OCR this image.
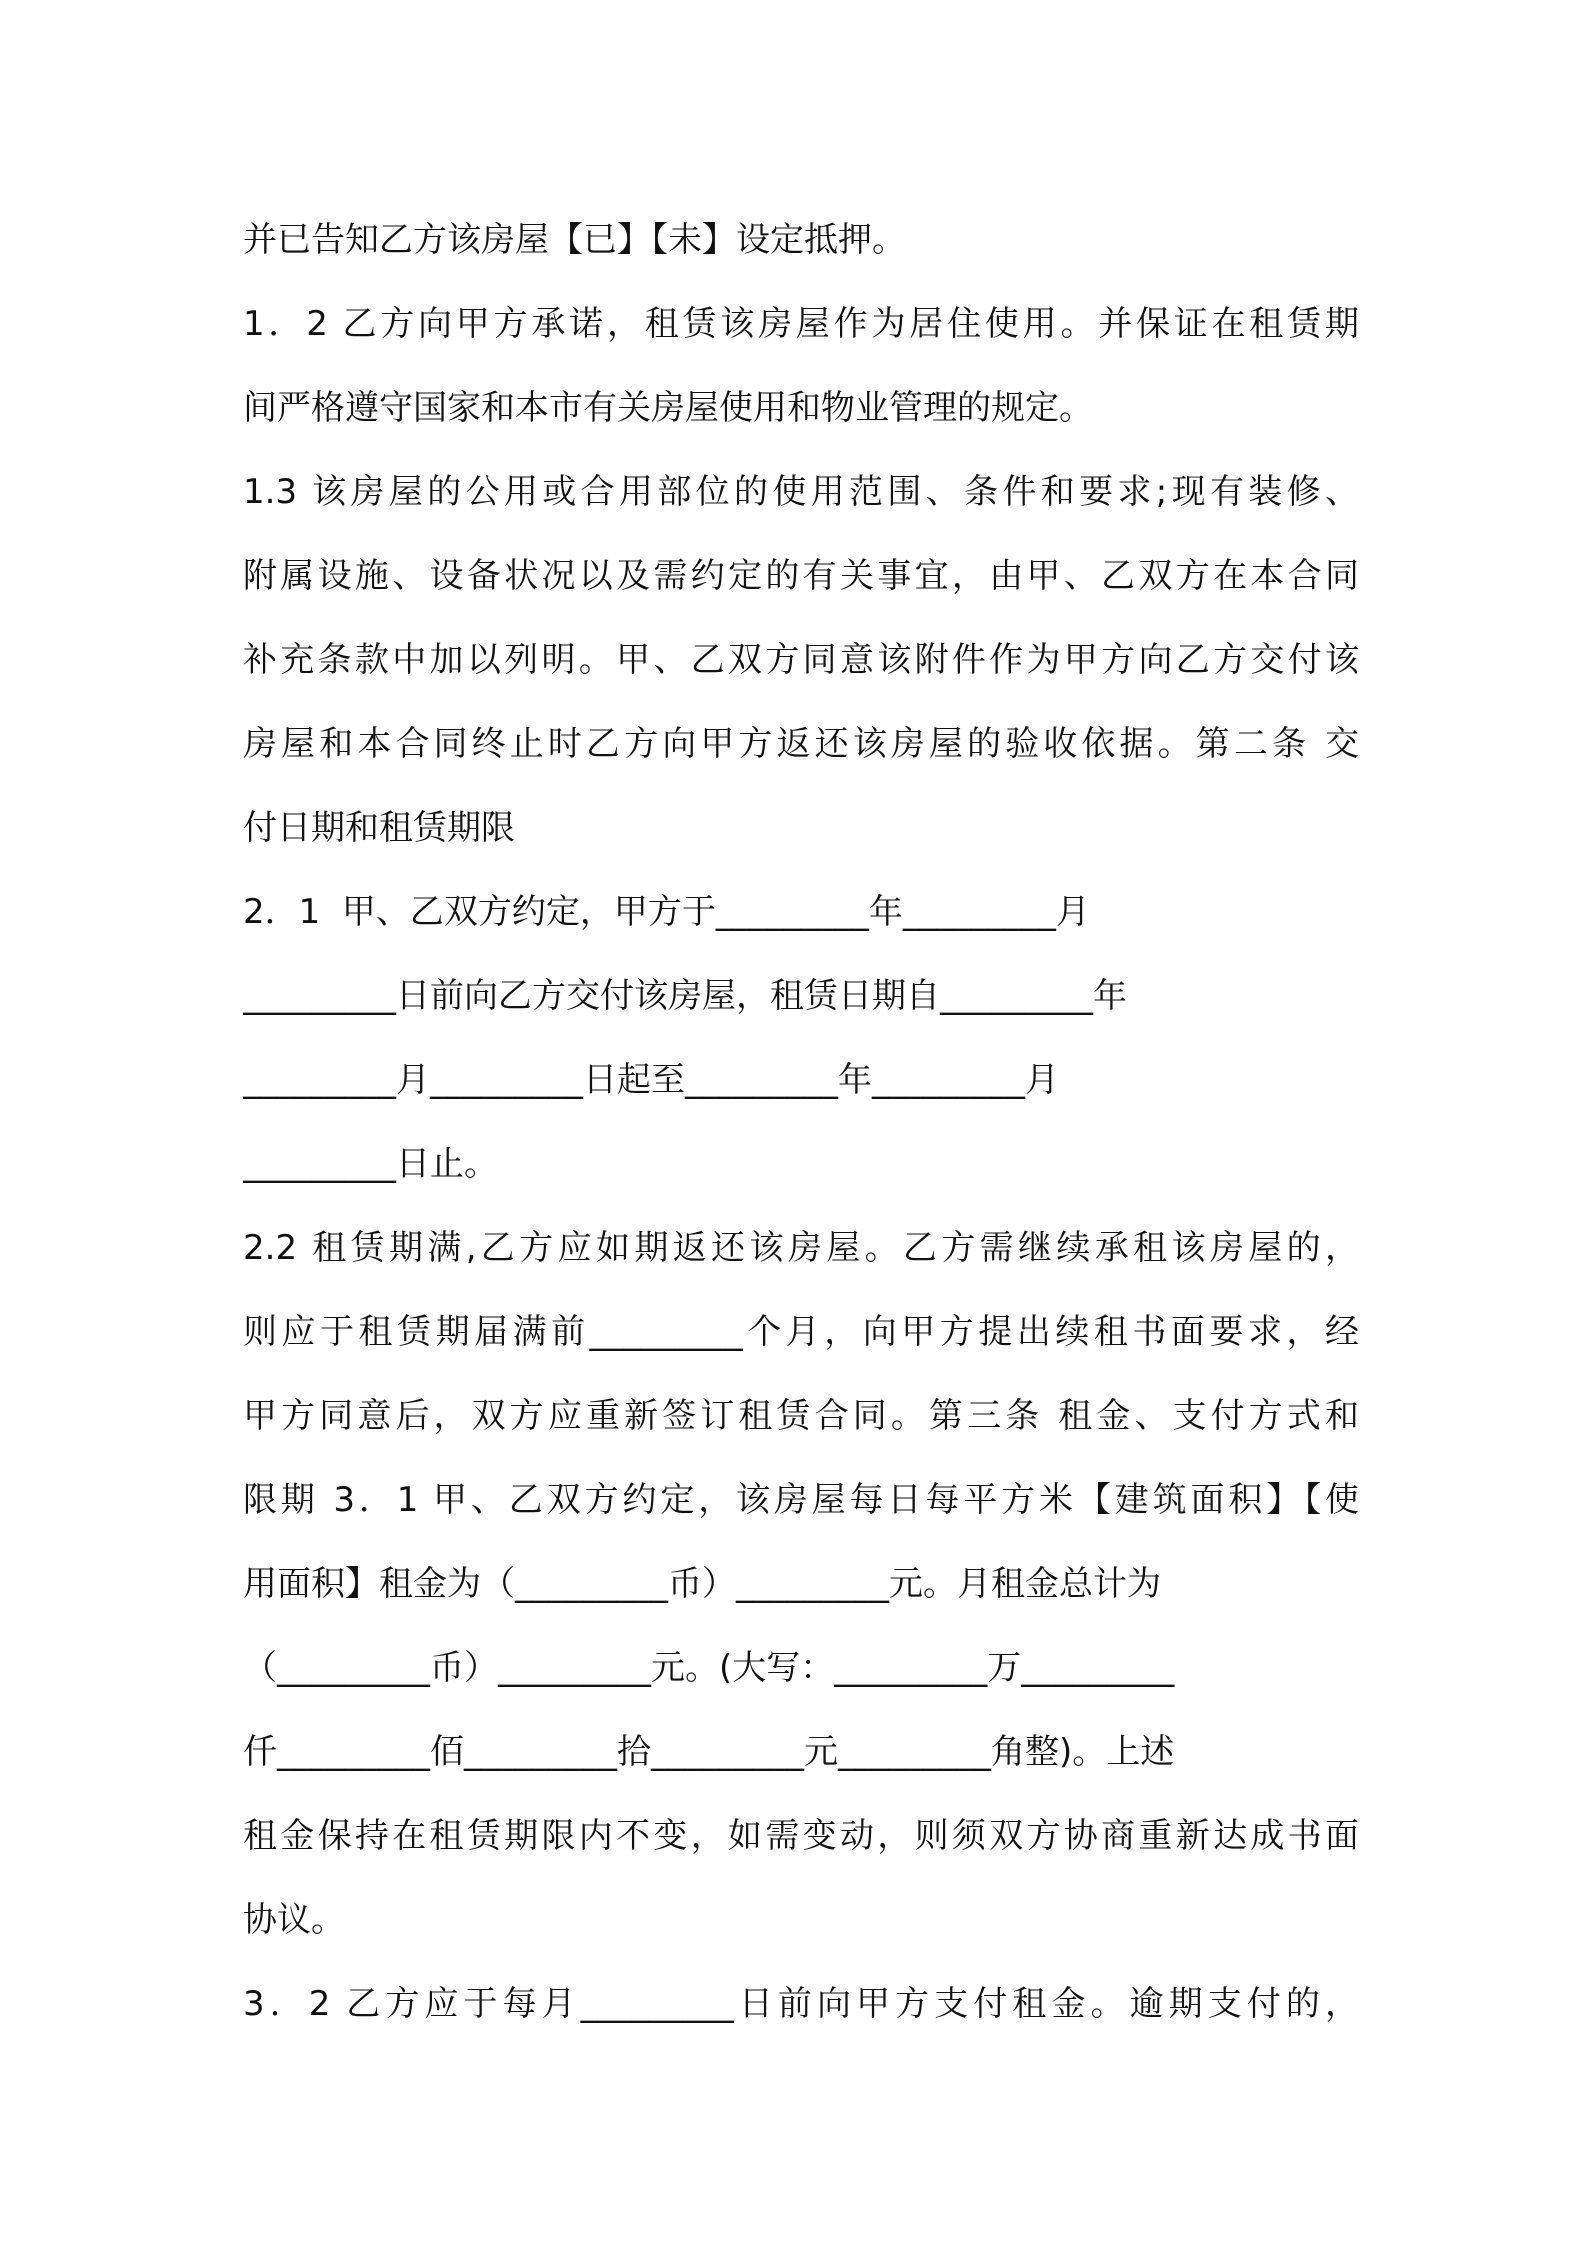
并已告知乙方该房屋【已】【未】设定抵押。
1．2 乙方向甲方承诺，租赁该房屋作为居住使用。并保证在租赁期
间严格遵守国家和本市有关房屋使用和物业管理的规定。
1.3 该房屋的公用或合用部位的使用范围、条件和要求;现有装修、
附属设施、设备状况以及需约定的有关事宜，由甲、乙双方在本合同
补充条款中加以列明。甲、乙双方同意该附件作为甲方向乙方交付该
房屋和本合同终止时乙方向甲方返还该房屋的验收依据。第二条 交
付日期和租赁期限
2．1  甲、乙双方约定，甲方于_________年_________月
_________日前向乙方交付该房屋，租赁日期自_________年
_________月_________日起至_________年_________月
_________日止。
2.2 租赁期满,乙方应如期返还该房屋。乙方需继续承租该房屋的，
则应于租赁期届满前_________个月，向甲方提出续租书面要求，经
甲方同意后，双方应重新签订租赁合同。第三条 租金、支付方式和
限期 3．1 甲、乙双方约定，该房屋每日每平方米【建筑面积】【使
用面积】租金为（_________币）_________元。月租金总计为
（_________币）_________元。(大写：_________万_________
仟_________佰_________拾_________元_________角整)。上述
租金保持在租赁期限内不变，如需变动，则须双方协商重新达成书面
协议。
3．2 乙方应于每月_________日前向甲方支付租金。逾期支付的，
